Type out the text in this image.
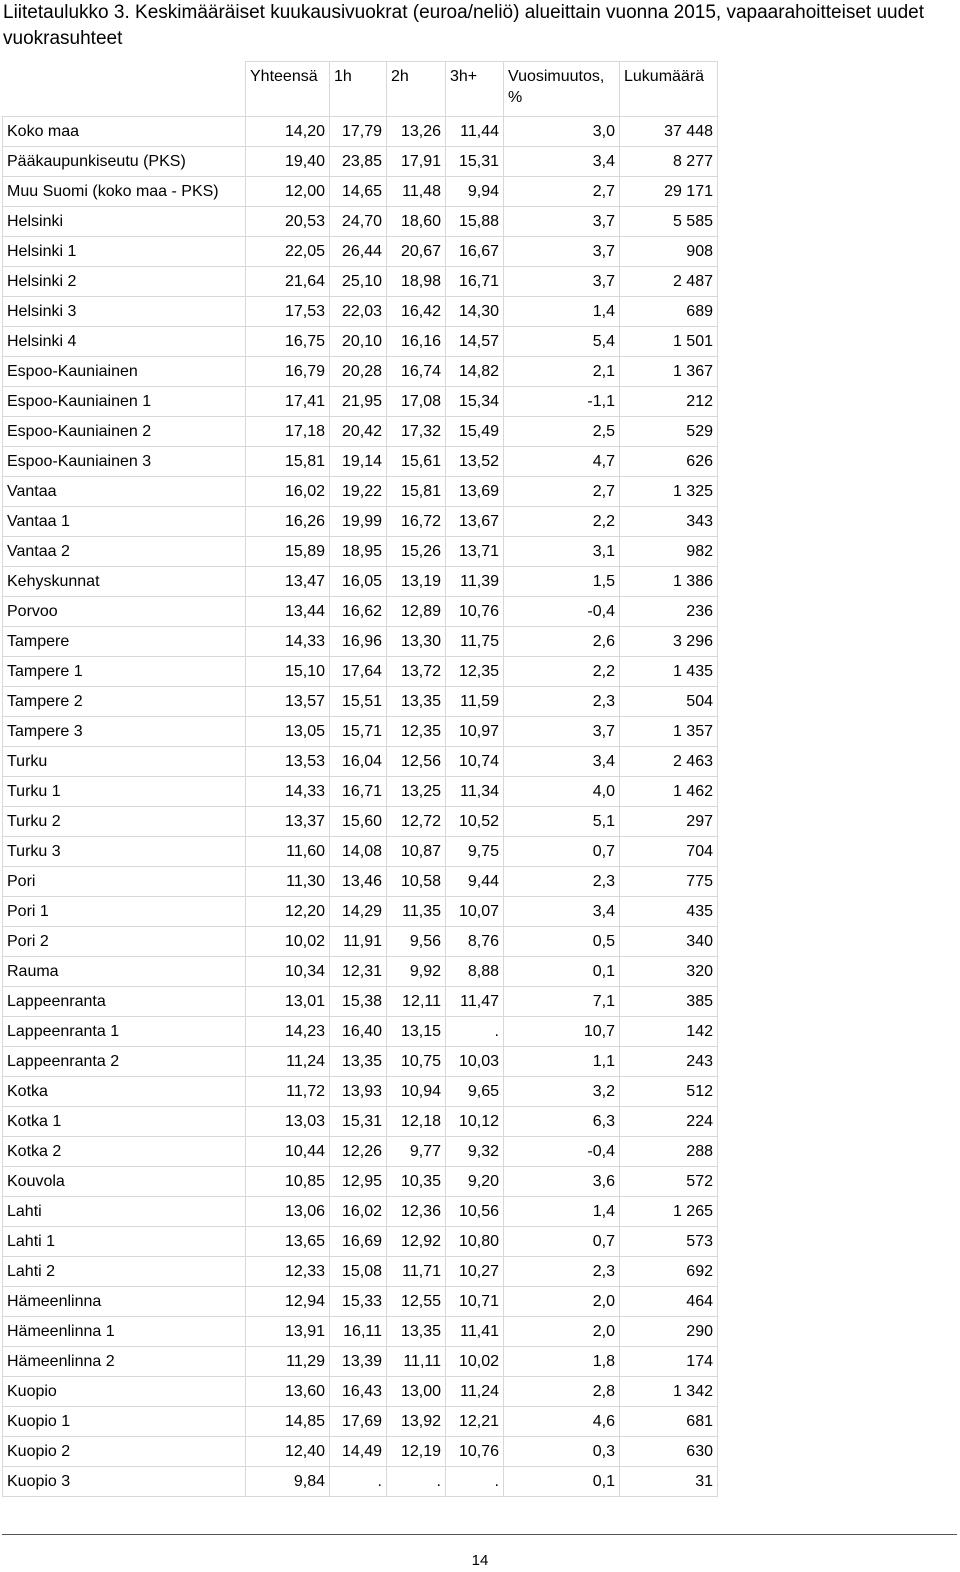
Liitetaulukko 3. Keskimääräiset kuukausivuokrat (euroa/neliö) alueittain vuonna 2015, vapaarahoitteiset uudet vuokrasuhteet
	Yhteensä	1h	2h	3h+	Vuosimuutos, %	Lukumäärä
Koko maa	14,20	17,79	13,26	11,44	3,0	37 448
Pääkaupunkiseutu (PKS)	19,40	23,85	17,91	15,31	3,4	8 277
Muu Suomi (koko maa - PKS)	12,00	14,65	11,48	9,94	2,7	29 171
Helsinki	20,53	24,70	18,60	15,88	3,7	5 585
Helsinki 1	22,05	26,44	20,67	16,67	3,7	908
Helsinki 2	21,64	25,10	18,98	16,71	3,7	2 487
Helsinki 3	17,53	22,03	16,42	14,30	1,4	689
Helsinki 4	16,75	20,10	16,16	14,57	5,4	1 501
Espoo-Kauniainen	16,79	20,28	16,74	14,82	2,1	1 367
Espoo-Kauniainen 1	17,41	21,95	17,08	15,34	-1,1	212
Espoo-Kauniainen 2	17,18	20,42	17,32	15,49	2,5	529
Espoo-Kauniainen 3	15,81	19,14	15,61	13,52	4,7	626
Vantaa	16,02	19,22	15,81	13,69	2,7	1 325
Vantaa 1	16,26	19,99	16,72	13,67	2,2	343
Vantaa 2	15,89	18,95	15,26	13,71	3,1	982
Kehyskunnat	13,47	16,05	13,19	11,39	1,5	1 386
Porvoo	13,44	16,62	12,89	10,76	-0,4	236
Tampere	14,33	16,96	13,30	11,75	2,6	3 296
Tampere 1	15,10	17,64	13,72	12,35	2,2	1 435
Tampere 2	13,57	15,51	13,35	11,59	2,3	504
Tampere 3	13,05	15,71	12,35	10,97	3,7	1 357
Turku	13,53	16,04	12,56	10,74	3,4	2 463
Turku 1	14,33	16,71	13,25	11,34	4,0	1 462
Turku 2	13,37	15,60	12,72	10,52	5,1	297
Turku 3	11,60	14,08	10,87	9,75	0,7	704
Pori	11,30	13,46	10,58	9,44	2,3	775
Pori 1	12,20	14,29	11,35	10,07	3,4	435
Pori 2	10,02	11,91	9,56	8,76	0,5	340
Rauma	10,34	12,31	9,92	8,88	0,1	320
Lappeenranta	13,01	15,38	12,11	11,47	7,1	385
Lappeenranta 1	14,23	16,40	13,15	.	10,7	142
Lappeenranta 2	11,24	13,35	10,75	10,03	1,1	243
Kotka	11,72	13,93	10,94	9,65	3,2	512
Kotka 1	13,03	15,31	12,18	10,12	6,3	224
Kotka 2	10,44	12,26	9,77	9,32	-0,4	288
Kouvola	10,85	12,95	10,35	9,20	3,6	572
Lahti	13,06	16,02	12,36	10,56	1,4	1 265
Lahti 1	13,65	16,69	12,92	10,80	0,7	573
Lahti 2	12,33	15,08	11,71	10,27	2,3	692
Hämeenlinna	12,94	15,33	12,55	10,71	2,0	464
Hämeenlinna 1	13,91	16,11	13,35	11,41	2,0	290
Hämeenlinna 2	11,29	13,39	11,11	10,02	1,8	174
Kuopio	13,60	16,43	13,00	11,24	2,8	1 342
Kuopio 1	14,85	17,69	13,92	12,21	4,6	681
Kuopio 2	12,40	14,49	12,19	10,76	0,3	630
Kuopio 3	9,84	.	.	.	0,1	31
14
